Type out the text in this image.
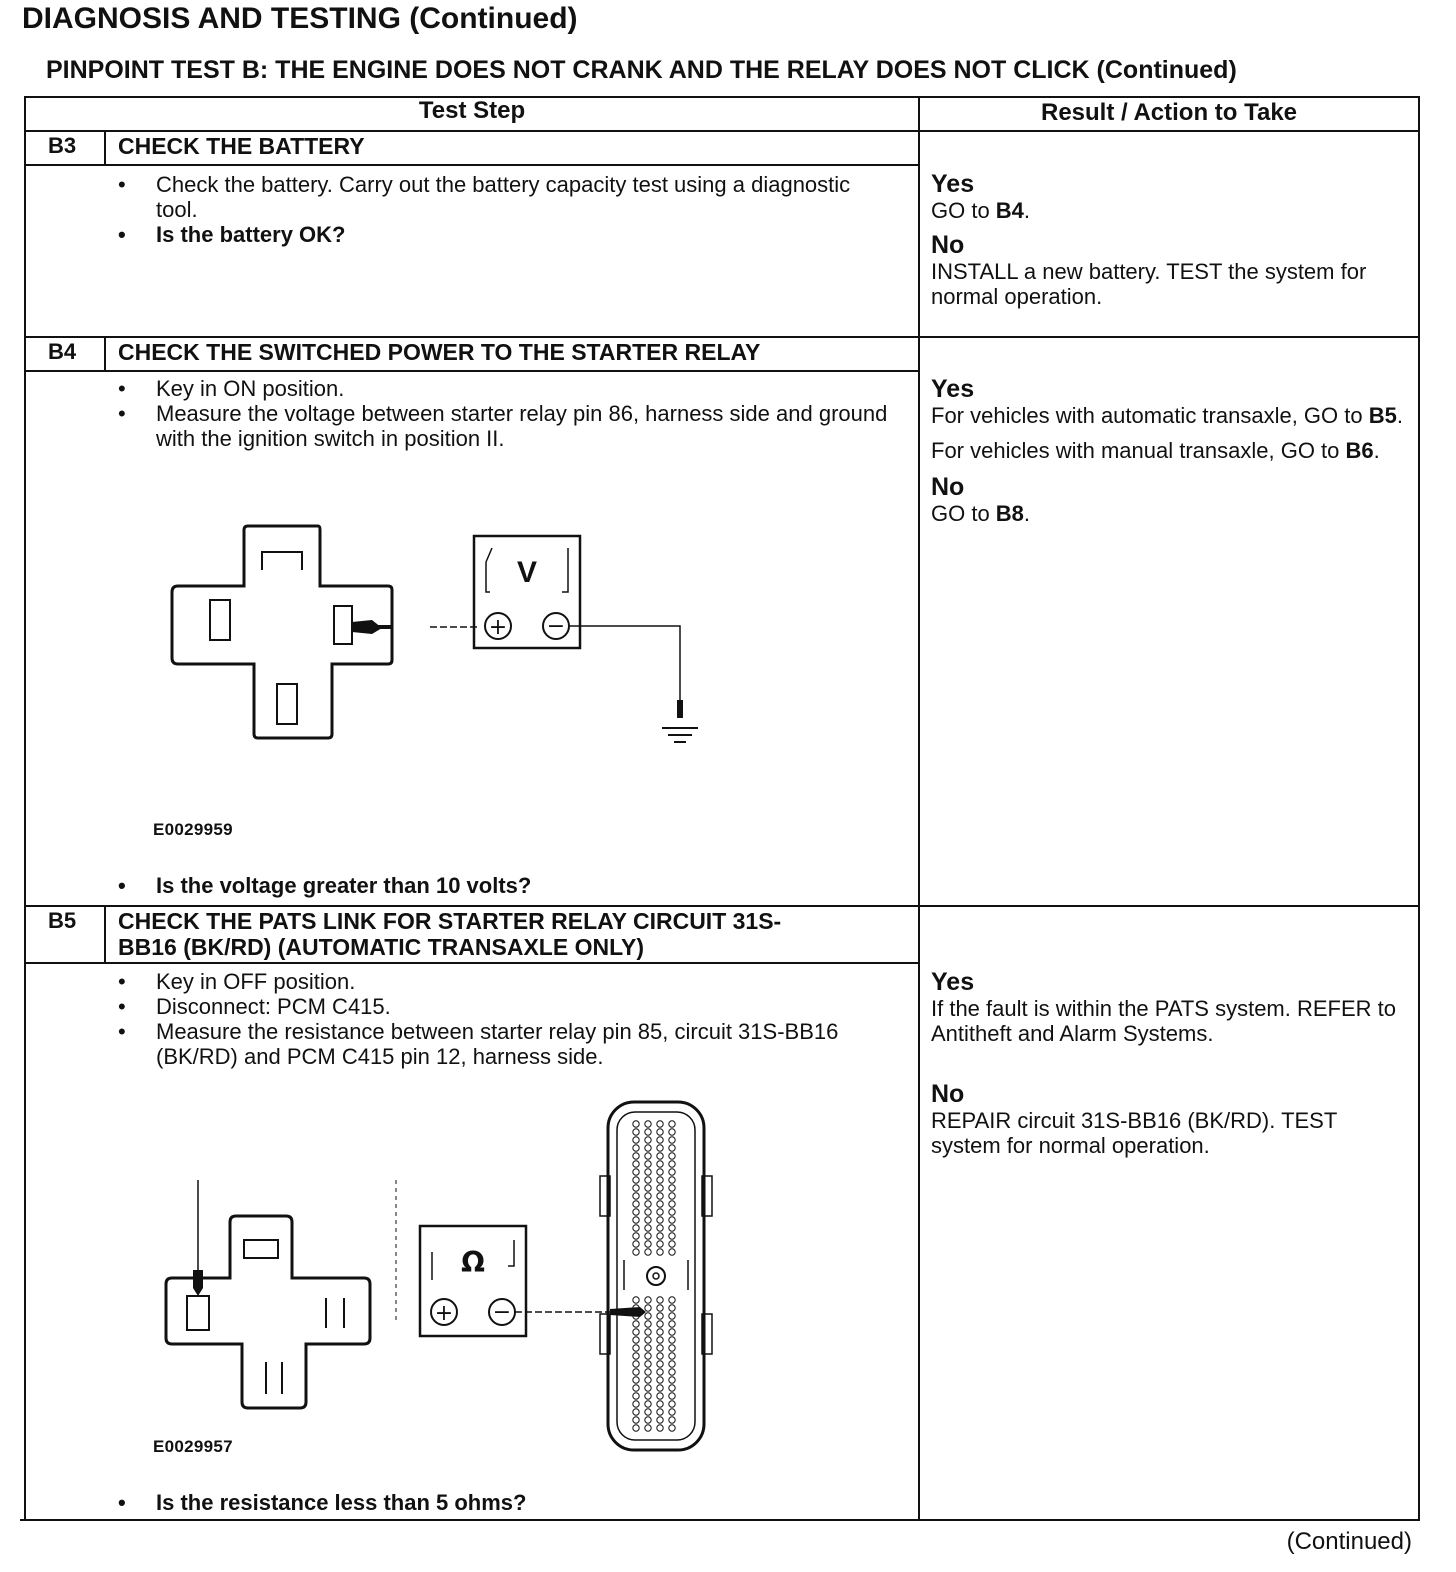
DIAGNOSIS AND TESTING (Continued)
PINPOINT TEST B: THE ENGINE DOES NOT CRANK AND THE RELAY DOES NOT CLICK (Continued)
Test Step	Result / Action to Take
B3 CHECK THE BATTERY
• Check the battery. Carry out the battery capacity test using a diagnostic tool.
• Is the battery OK?
Yes
GO to B4.
No
INSTALL a new battery. TEST the system for normal operation.
B4 CHECK THE SWITCHED POWER TO THE STARTER RELAY
• Key in ON position.
• Measure the voltage between starter relay pin 86, harness side and ground with the ignition switch in position II.
V
+ −
E0029959
• Is the voltage greater than 10 volts?
Yes
For vehicles with automatic transaxle, GO to B5.
For vehicles with manual transaxle, GO to B6.
No
GO to B8.
B5 CHECK THE PATS LINK FOR STARTER RELAY CIRCUIT 31S-BB16 (BK/RD) (AUTOMATIC TRANSAXLE ONLY)
• Key in OFF position.
• Disconnect: PCM C415.
• Measure the resistance between starter relay pin 85, circuit 31S-BB16 (BK/RD) and PCM C415 pin 12, harness side.
Ω
+ −
E0029957
• Is the resistance less than 5 ohms?
Yes
If the fault is within the PATS system. REFER to Antitheft and Alarm Systems.
No
REPAIR circuit 31S-BB16 (BK/RD). TEST system for normal operation.
(Continued)
